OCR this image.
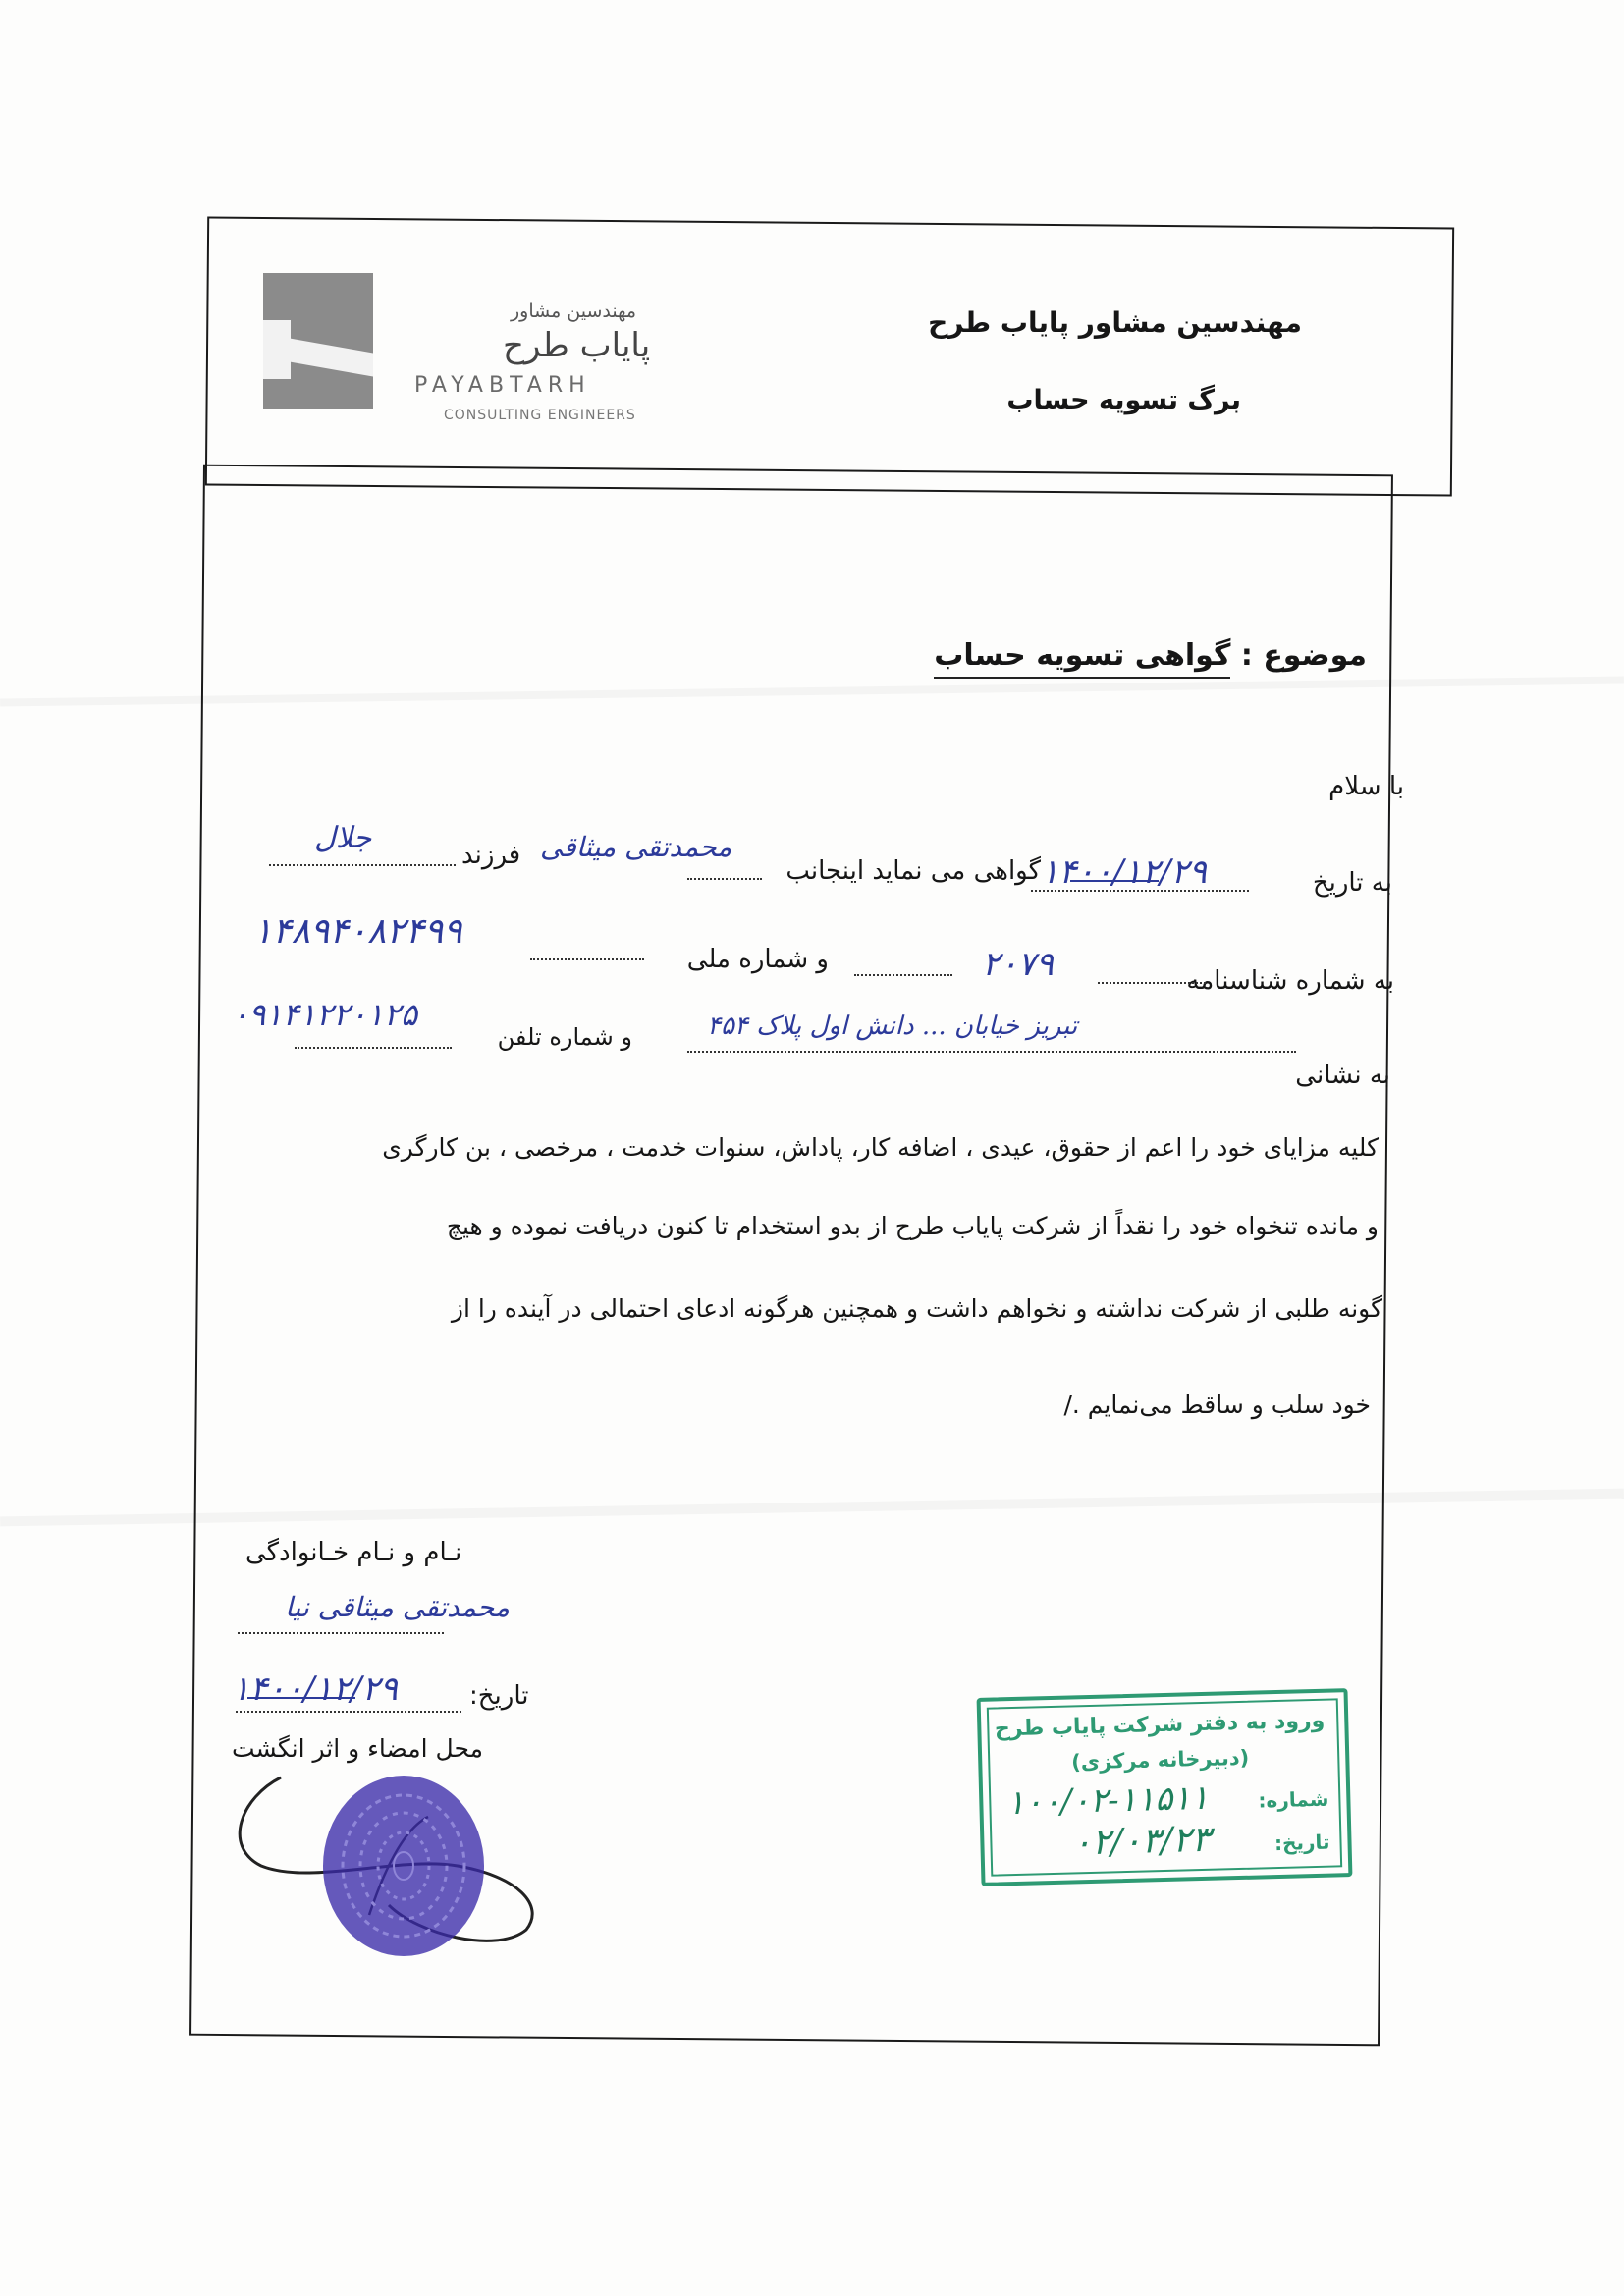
مهندسین مشاور
پایاب طرح
PAYABTARH
CONSULTING ENGINEERS
مهندسین مشاور پایاب طرح
برگ تسویه حساب
موضوع : گواهی تسویه حساب
با سلام
به تاریخ
۱۴۰۰/۱۲/۲۹
گواهی می نماید اینجانب
محمدتقی میثاقی
فرزند
جلال
به شماره شناسنامه
۲۰۷۹
و شماره ملی
۱۴۸۹۴۰۸۲۴۹۹
به نشانی
تبریز خیابان ... دانش اول پلاک ۴۵۴
و شماره تلفن
۰۹۱۴۱۲۲۰۱۲۵
کلیه مزایای خود را اعم از حقوق، عیدی ، اضافه کار، پاداش، سنوات خدمت ، مرخصی ، بن کارگری
و مانده تنخواه خود را نقداً از شرکت پایاب طرح از بدو استخدام تا کنون دریافت نموده و هیچ
گونه طلبی از شرکت نداشته و نخواهم داشت و همچنین هرگونه ادعای احتمالی در آینده را از
خود سلب و ساقط می‌نمایم ./
نـام و نـام خـانوادگی
محمدتقی میثاقی نیا
۱۴۰۰/۱۲/۲۹	تاریخ:
محل امضاء و اثر انگشت
ورود به دفتر شرکت پایاب طرح
(دبیرخانه مرکزی)
شماره:
۱۰۰/۰۲-۱۱۵۱۱
تاریخ:
۰۲/۰۳/۲۳
